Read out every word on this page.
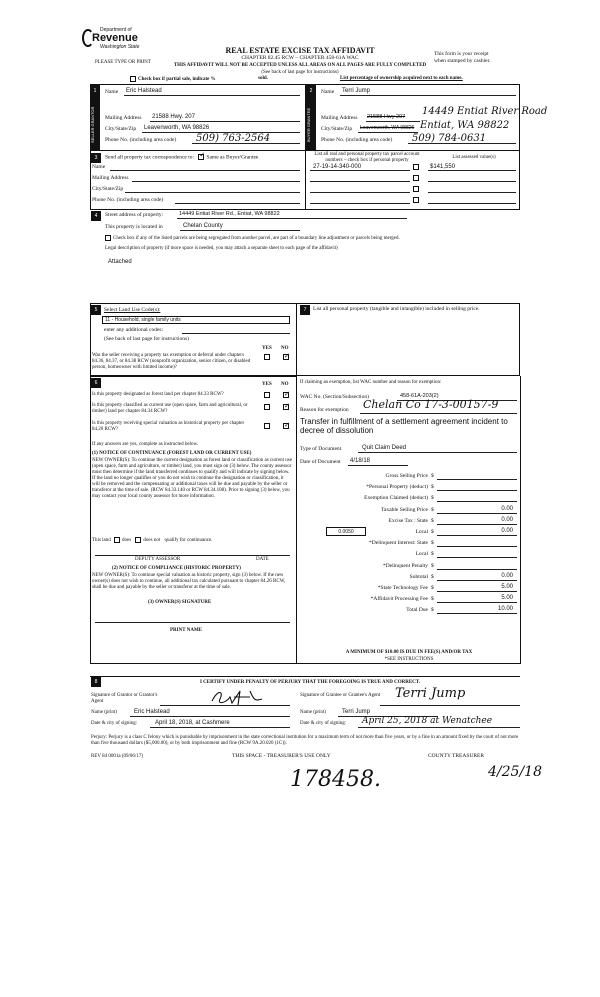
Department of
Revenue
Washington State
PLEASE TYPE OR PRINT
REAL ESTATE EXCISE TAX AFFIDAVIT
CHAPTER 82.45 RCW – CHAPTER 458-61A WAC
THIS AFFIDAVIT WILL NOT BE ACCEPTED UNLESS ALL AREAS ON ALL PAGES ARE FULLY COMPLETED
This form is your receipt
when stamped by cashier.
(See back of last page for instructions)
Check box if partial sale, indicate %	sold.	List percentage of ownership acquired next to each name.
1
SELLER GRANTOR
Name Eric Halstead
Mailing Address 21588 Hwy. 207
City/State/Zip Leavenworth, WA 98826
Phone No. (including area code) 509) 763-2564
2
BUYER GRANTEE
Name Terri Jump
Mailing Address 21588 Hwy 207 14449 Entiat River Road
City/State/Zip Leavenworth, WA 98826 Entiat, WA 98822
Phone No. (including area code) 509) 784-0631
3	Send all property tax correspondence to: ✓ Same as Buyer/Grantee
Name
Mailing Address
City/State/Zip
Phone No. (including area code)
List all real and personal property tax parcel account numbers – check box if personal property
List assessed value(s)
27-19-14-340-000	$141,550
4	Street address of property:	14449 Entiat River Rd., Entiat, WA 98822
This property is located in	Chelan County
Check box if any of the listed parcels are being segregated from another parcel, are part of a boundary line adjustment or parcels being merged.
Legal description of property (if more space is needed, you may attach a separate sheet to each page of the affidavit)
Attached
5	Select Land Use Code(s):
11 - Household, single family units
enter any additional codes:
(See back of last page for instructions)
YES NO
Was the seller receiving a property tax exemption or deferral under chapters 84.36, 84.37, or 84.38 RCW (nonprofit organization, senior citizen, or disabled person, homeowner with limited income)?
✓
7	List all personal property (tangible and intangible) included in selling price.
6	YES NO
Is this property designated as forest land per chapter 84.33 RCW?	✓
Is this property classified as current use (open space, farm and agricultural, or timber) land per chapter 84.34 RCW?
✓
Is this property receiving special valuation as historical property per chapter 84.26 RCW?
✓
If any answers are yes, complete as instructed below.
(1) NOTICE OF CONTINUANCE (FOREST LAND OR CURRENT USE)
NEW OWNER(S): To continue the current designation as forest land or classification as current use (open space, farm and agriculture, or timber) land, you must sign on (3) below. The county assessor must then determine if the land transferred continues to qualify and will indicate by signing below. If the land no longer qualifies or you do not wish to continue the designation or classification, it will be removed and the compensating or additional taxes will be due and payable by the seller or transferor at the time of sale. (RCW 84.33.140 or RCW 84.34.108). Prior to signing (3) below, you may contact your local county assessor for more information.
This land does does not qualify for continuance.
DEPUTY ASSESSOR	DATE
(2) NOTICE OF COMPLIANCE (HISTORIC PROPERTY)
NEW OWNER(S): To continue special valuation as historic property, sign (3) below. If the new owner(s) does not wish to continue, all additional tax calculated pursuant to chapter 84.26 RCW, shall be due and payable by the seller or transferor at the time of sale.
(3) OWNER(S) SIGNATURE
PRINT NAME
If claiming an exemption, list WAC number and reason for exemption:
WAC No. (Section/Subsection)	458-61A-203(2)
Reason for exemption Chelan Co 17-3-00157-9
Transfer in fulfillment of a settlement agreement incident to decree of dissolution
Type of Document	Quit Claim Deed
Date of Document 4/18/18
Gross Selling Price $
*Personal Property (deduct) $
Exemption Claimed (deduct) $
Taxable Selling Price $	0.00
Excise Tax : State $	0.00
Local $	0.00
*Delinquent Interest: State $
Local $
*Delinquent Penalty $
Subtotal $	0.00
*State Technology Fee $	5.00
*Affidavit Processing Fee $	5.00
Total Due $	10.00
0.0050
A MINIMUM OF $10.00 IS DUE IN FEE(S) AND/OR TAX
*SEE INSTRUCTIONS
8	I CERTIFY UNDER PENALTY OF PERJURY THAT THE FOREGOING IS TRUE AND CORRECT.
Signature of Grantor or Grantor's Agent
Name (print)	Eric Halstead
Date & city of signing:	April 18, 2018, at Cashmere
Signature of Grantee or Grantee's Agent	Terri Jump
Name (print)	Terri Jump
Date & city of signing: April 25, 2018 at Wenatchee
Perjury: Perjury is a class C felony which is punishable by imprisonment in the state correctional institution for a maximum term of not more than five years, or by a fine in an amount fixed by the court of not more than five thousand dollars ($5,000.00), or by both imprisonment and fine (RCW 9A.20.020 (1C)).
REV 84 0001a (09/06/17)	THIS SPACE - TREASURER'S USE ONLY	COUNTY TREASURER
4/25/18
178458.
